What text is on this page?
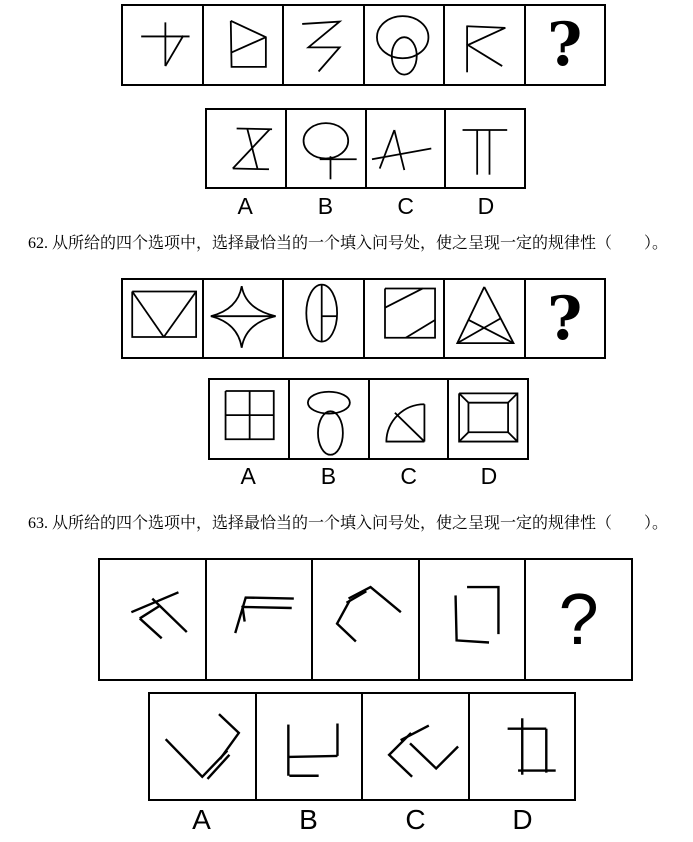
?
A	B	C	D
62. 从所给的四个选项中，选择最恰当的一个填入问号处，使之呈现一定的规律性（　　）。
?
A	B	C	D
63. 从所给的四个选项中，选择最恰当的一个填入问号处，使之呈现一定的规律性（　　）。
?
A	B	C	D
